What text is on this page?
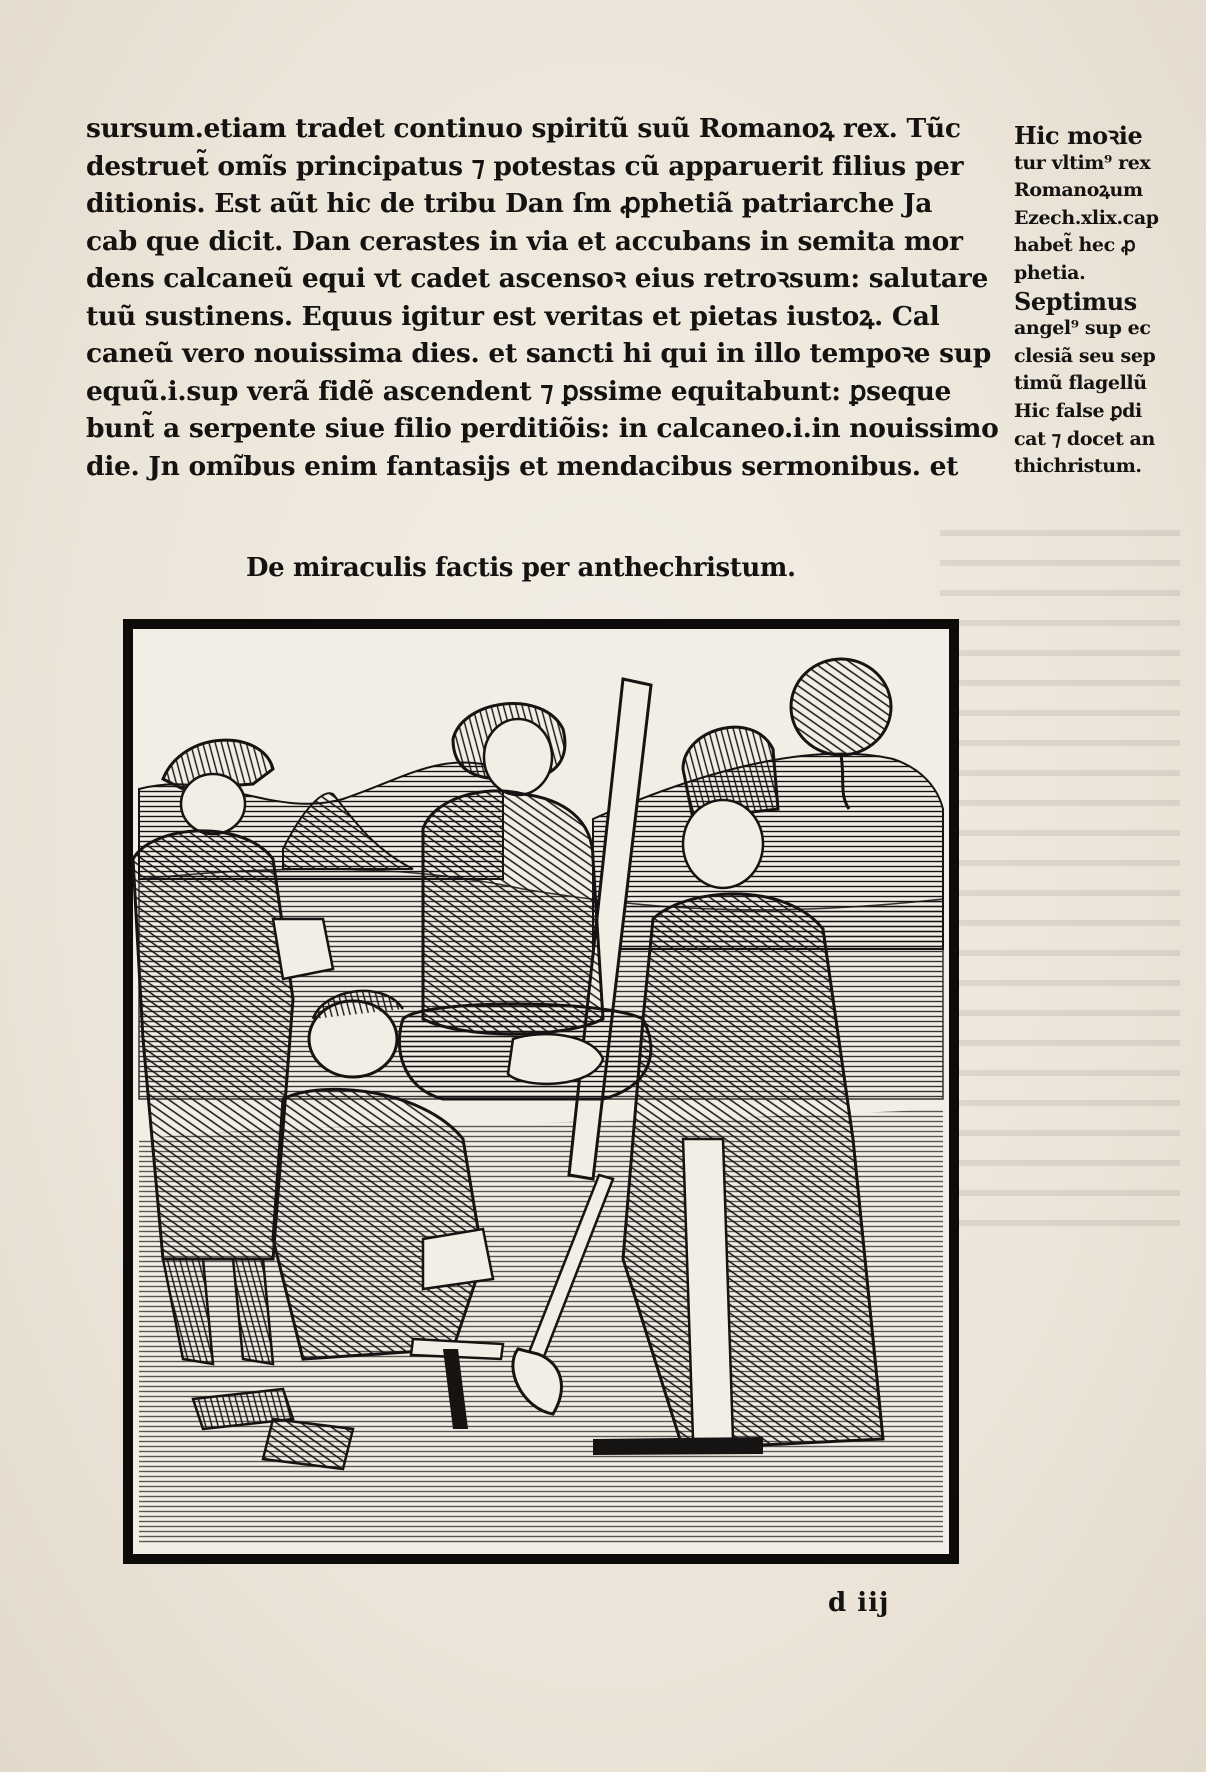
sursum.etiam tradet continuo spiritũ suũ Romanoꝝ rex. Tũc
destruet̃ omĩs principatus ⁊ potestas cũ apparuerit filius per
ditionis. Est aũt hic de tribu Dan ſm ꝓphetiã patriarche Ja
cab que dicit. Dan cerastes in via et accubans in semita mor
dens calcaneũ equi vt cadet ascensoꝛ eius retroꝛsum: salutare
tuũ sustinens. Equus igitur est veritas et pietas iustoꝝ. Cal
caneũ vero nouissima dies. et sancti hi qui in illo tempoꝛe sup
equũ.i.sup verã fidẽ ascendent ⁊ ꝑssime equitabunt: ꝑseque
bunt̃ a serpente siue filio perditiõis: in calcaneo.i.in nouissimo
die. Jn omĩbus enim fantasijs et mendacibus sermonibus. et
Hic moꝛie
tur vltim⁹ rex
Romanoꝝum
Ezech.xlix.cap
habet̃ hec ꝓ
phetia.
Septimus
angel⁹ sup ec
clesiã seu sep
timũ flagellũ
Hic false ꝑdi
cat ⁊ docet an
thichristum.
De miraculis factis per anthechristum.
d iij
